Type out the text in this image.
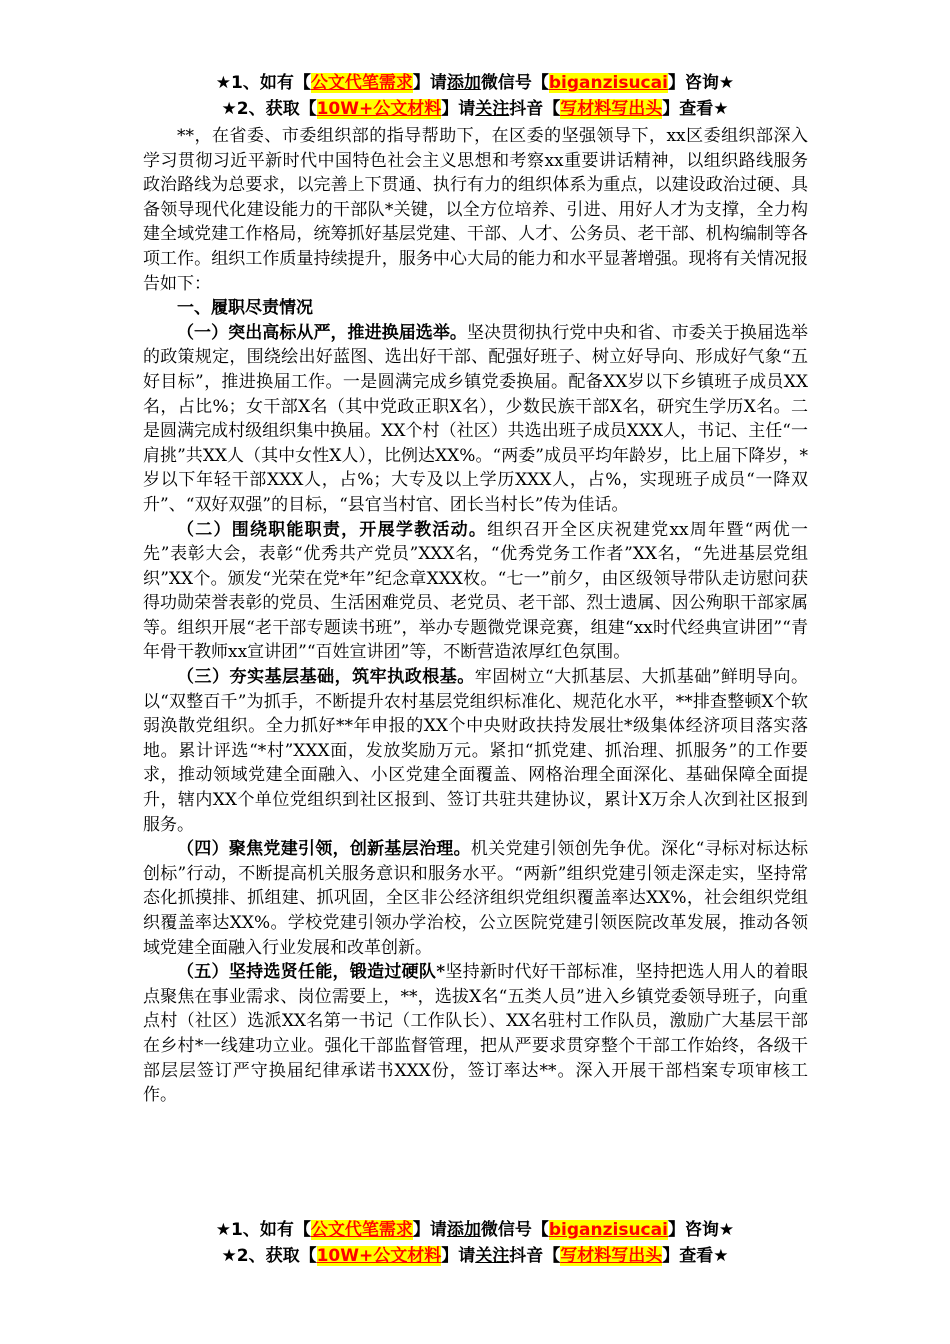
★1、如有【公文代笔需求】请添加微信号【biganzisucai】咨询★
★2、获取【10W+公文材料】请关注抖音【写材料写出头】查看★

**，在省委、市委组织部的指导帮助下，在区委的坚强领导下，xx区委组织部深入学习贯彻习近平新时代中国特色社会主义思想和考察xx重要讲话精神，以组织路线服务政治路线为总要求，以完善上下贯通、执行有力的组织体系为重点，以建设政治过硬、具备领导现代化建设能力的干部队*关键，以全方位培养、引进、用好人才为支撑，全力构建全域党建工作格局，统筹抓好基层党建、干部、人才、公务员、老干部、机构编制等各项工作。组织工作质量持续提升，服务中心大局的能力和水平显著增强。现将有关情况报告如下：

一、履职尽责情况

（一）突出高标从严，推进换届选举。坚决贯彻执行党中央和省、市委关于换届选举的政策规定，围绕绘出好蓝图、选出好干部、配强好班子、树立好导向、形成好气象“五好目标”，推进换届工作。一是圆满完成乡镇党委换届。配备XX岁以下乡镇班子成员XX名，占比%；女干部X名（其中党政正职X名），少数民族干部X名，研究生学历X名。二是圆满完成村级组织集中换届。XX个村（社区）共选出班子成员XXX人，书记、主任“一肩挑”共XX人（其中女性X人），比例达XX%。“两委”成员平均年龄岁，比上届下降岁，*岁以下年轻干部XXX人，占%；大专及以上学历XXX人，占%，实现班子成员“一降双升”、“双好双强”的目标，“县官当村官、团长当村长”传为佳话。

（二）围绕职能职责，开展学教活动。组织召开全区庆祝建党xx周年暨“两优一先”表彰大会，表彰“优秀共产党员”XXX名，“优秀党务工作者”XX名，“先进基层党组织”XX个。颁发“光荣在党*年”纪念章XXX枚。“七一”前夕，由区级领导带队走访慰问获得功勋荣誉表彰的党员、生活困难党员、老党员、老干部、烈士遗属、因公殉职干部家属等。组织开展“老干部专题读书班”，举办专题微党课竞赛，组建“xx时代经典宣讲团”“青年骨干教师xx宣讲团”“百姓宣讲团”等，不断营造浓厚红色氛围。

（三）夯实基层基础，筑牢执政根基。牢固树立“大抓基层、大抓基础”鲜明导向。以“双整百千”为抓手，不断提升农村基层党组织标准化、规范化水平，**排查整顿X个软弱涣散党组织。全力抓好**年申报的XX个中央财政扶持发展壮*级集体经济项目落实落地。累计评选“*村”XXX面，发放奖励万元。紧扣“抓党建、抓治理、抓服务”的工作要求，推动领域党建全面融入、小区党建全面覆盖、网格治理全面深化、基础保障全面提升，辖内XX个单位党组织到社区报到、签订共驻共建协议，累计X万余人次到社区报到服务。

（四）聚焦党建引领，创新基层治理。机关党建引领创先争优。深化“寻标对标达标创标”行动，不断提高机关服务意识和服务水平。“两新”组织党建引领走深走实，坚持常态化抓摸排、抓组建、抓巩固，全区非公经济组织党组织覆盖率达XX%，社会组织党组织覆盖率达XX%。学校党建引领办学治校，公立医院党建引领医院改革发展，推动各领域党建全面融入行业发展和改革创新。

（五）坚持选贤任能，锻造过硬队*坚持新时代好干部标准，坚持把选人用人的着眼点聚焦在事业需求、岗位需要上，**，选拔X名“五类人员”进入乡镇党委领导班子，向重点村（社区）选派XX名第一书记（工作队长）、XX名驻村工作队员，激励广大基层干部在乡村*一线建功立业。强化干部监督管理，把从严要求贯穿整个干部工作始终，各级干部层层签订严守换届纪律承诺书XXX份，签订率达**。深入开展干部档案专项审核工作。

★1、如有【公文代笔需求】请添加微信号【biganzisucai】咨询★
★2、获取【10W+公文材料】请关注抖音【写材料写出头】查看★
